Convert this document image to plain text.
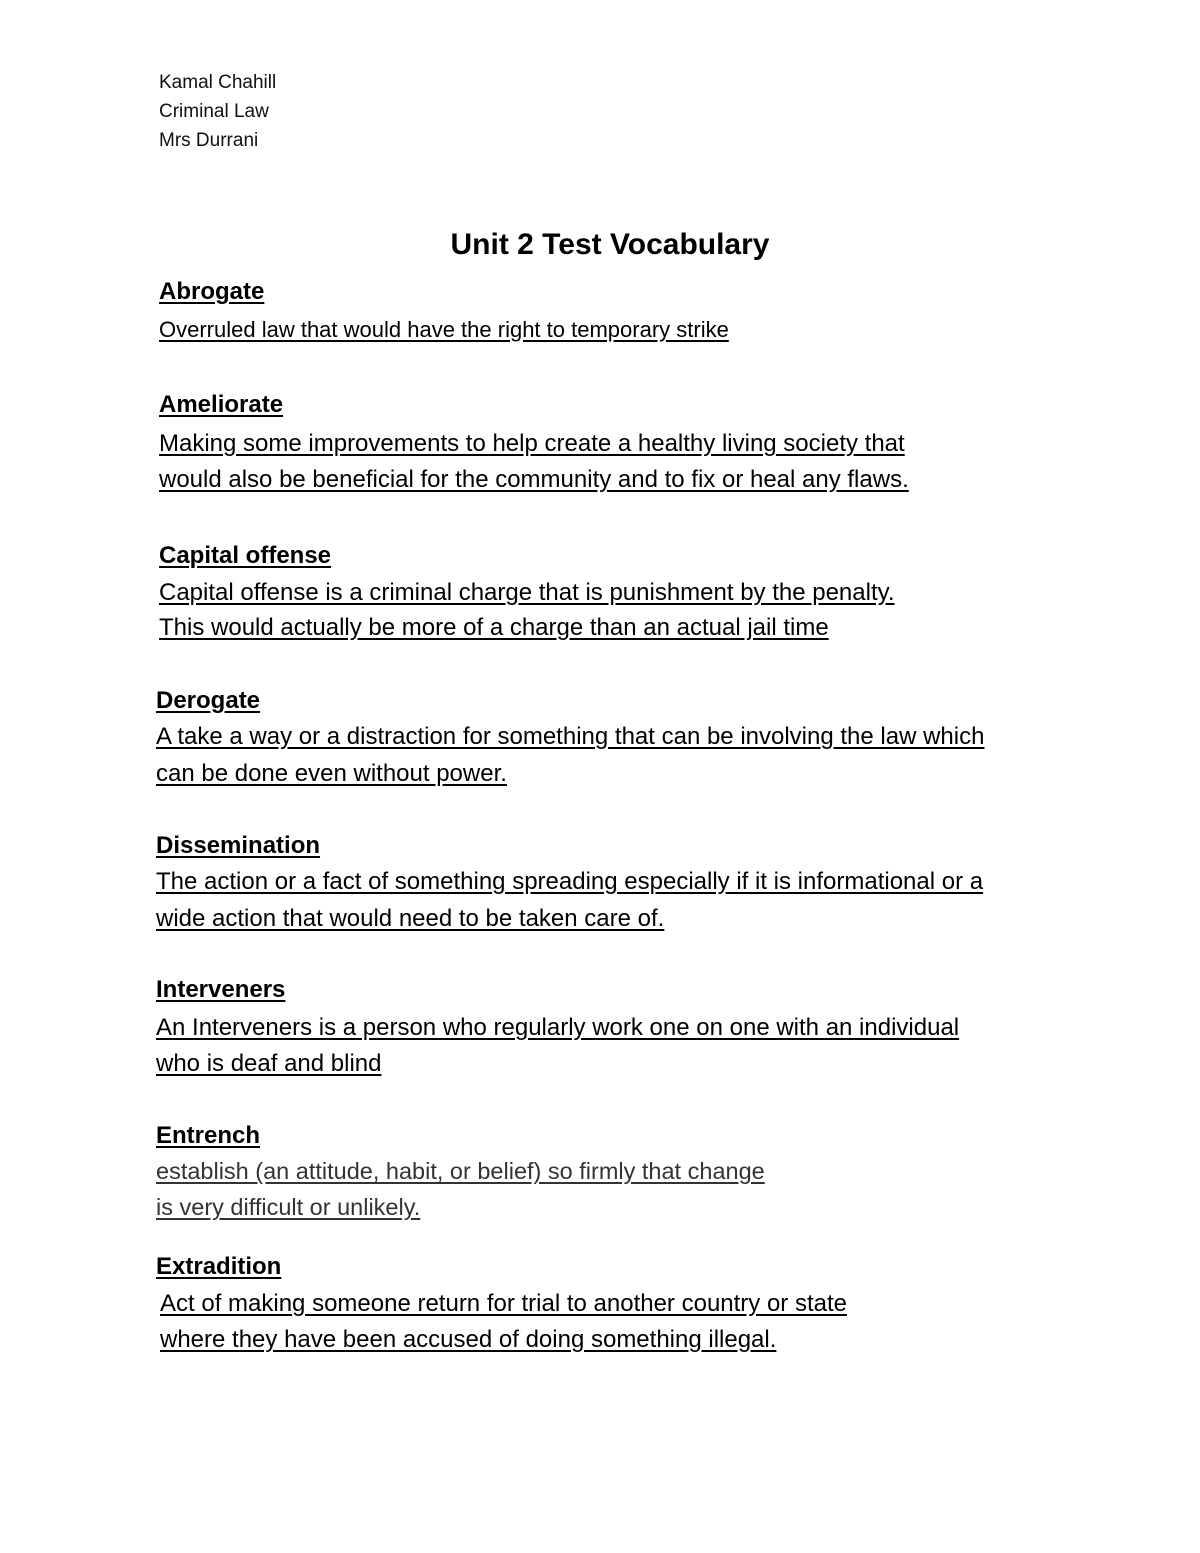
Kamal Chahill
Criminal Law
Mrs Durrani
Unit 2 Test Vocabulary
Abrogate
Overruled law that would have the right to temporary strike
Ameliorate
Making some improvements to help create a healthy living society that
would also be beneficial for the community and to fix or heal any flaws.
Capital offense
Capital offense is a criminal charge that is punishment by the penalty.
This would actually be more of a charge than an actual jail time
Derogate
A take a way or a distraction for something that can be involving the law which
can be done even without power.
Dissemination
The action or a fact of something spreading especially if it is informational or a
wide action that would need to be taken care of.
Interveners
An Interveners is a person who regularly work one on one with an individual
who is deaf and blind
Entrench
establish (an attitude, habit, or belief) so firmly that change
is very difficult or unlikely.
Extradition
Act of making someone return for trial to another country or state
where they have been accused of doing something illegal.
